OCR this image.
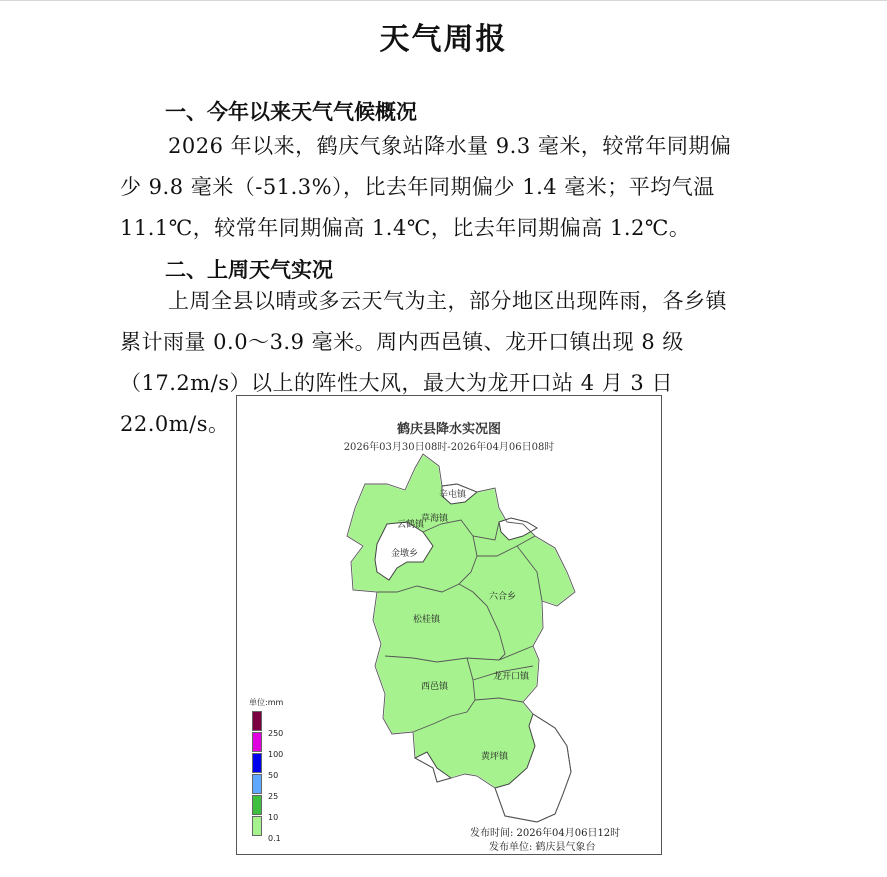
天气周报
一、今年以来天气气候概况
2026 年以来，鹤庆气象站降水量 9.3 毫米，较常年同期偏
少 9.8 毫米（-51.3%），比去年同期偏少 1.4 毫米；平均气温
11.1℃，较常年同期偏高 1.4℃，比去年同期偏高 1.2℃。
二、上周天气实况
上周全县以晴或多云天气为主，部分地区出现阵雨，各乡镇
累计雨量 0.0～3.9 毫米。周内西邑镇、龙开口镇出现 8 级
（17.2m/s）以上的阵性大风，最大为龙开口站 4 月 3 日 22.0m/s。	鹤庆县降水实况图
2026年03月30日08时-2026年04月06日08时
辛屯镇
草海镇
云鹤镇
金墩乡
六合乡
松桂镇
西邑镇
龙开口镇
黄坪镇
单位:mm
250
100
50
25
10
0.1	发布时间: 2026年04月06日12时
发布单位: 鹤庆县气象台
